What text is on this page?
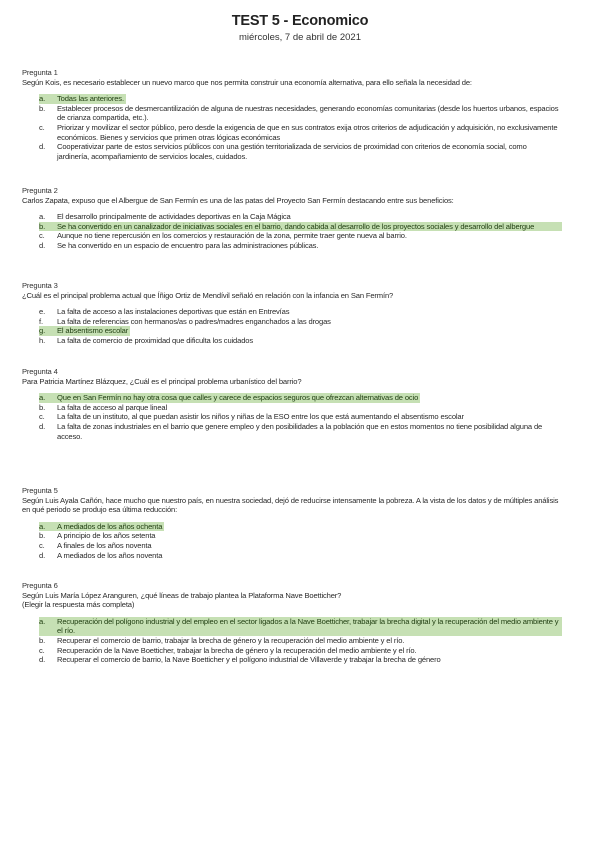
TEST 5 - Economico
miércoles, 7 de abril de 2021
Pregunta 1
Según Kois, es necesario establecer un nuevo marco que nos permita construir una economía alternativa, para ello señala la necesidad de:
a.	Todas las anteriores.
b.	Establecer procesos de desmercantilización de alguna de nuestras necesidades, generando economías comunitarias (desde los huertos urbanos, espacios de crianza compartida, etc.).
c.	Priorizar y movilizar el sector público, pero desde la exigencia de que en sus contratos exija otros criterios de adjudicación y adquisición, no exclusivamente económicos. Bienes y servicios que primen otras lógicas económicas
d.	Cooperativizar parte de estos servicios públicos con una gestión territorializada de servicios de proximidad con criterios de economía social, como jardinería, acompañamiento de servicios locales, cuidados.
Pregunta 2
Carlos Zapata, expuso que el Albergue de San Fermín es una de las patas del Proyecto San Fermín destacando entre sus beneficios:
a.	El desarrollo principalmente de actividades deportivas en la Caja Mágica
b.	Se ha convertido en un canalizador de iniciativas sociales en el barrio, dando cabida al desarrollo de los proyectos sociales y desarrollo del albergue
c.	Aunque no tiene repercusión en los comercios y restauración de la zona, permite traer gente nueva al barrio.
d.	Se ha convertido en un espacio de encuentro para las administraciones públicas.
Pregunta 3
¿Cuál es el principal problema actual que Íñigo Ortiz de Mendívil señaló en relación con la infancia en San Fermín?
e.	La falta de acceso a las instalaciones deportivas que están en Entrevías
f.	La falta de referencias con hermanos/as o padres/madres enganchados a las drogas
g.	El absentismo escolar
h.	La falta de comercio de proximidad que dificulta los cuidados
Pregunta 4
Para Patricia Martínez Blázquez, ¿Cuál es el principal problema urbanístico del barrio?
a.	Que en San Fermín no hay otra cosa que calles y carece de espacios seguros que ofrezcan alternativas de ocio
b.	La falta de acceso al parque lineal
c.	La falta de un instituto, al que puedan asistir los niños y niñas de la ESO entre los que está aumentando el absentismo escolar
d.	La falta de zonas industriales en el barrio que genere empleo y den posibilidades a la población que en estos momentos no tiene posibilidad alguna de acceso.
Pregunta 5
Según Luis Ayala Cañón, hace mucho que nuestro país, en nuestra sociedad, dejó de reducirse intensamente la pobreza. A la vista de los datos y de múltiples análisis en qué periodo se produjo esa última reducción:
a.	A mediados de los años ochenta
b.	A principio de los años setenta
c.	A finales de los años noventa
d.	A mediados de los años noventa
Pregunta 6
Según Luis María López Aranguren, ¿qué líneas de trabajo plantea la Plataforma Nave Boetticher?
(Elegir la respuesta más completa)
a.	Recuperación del polígono industrial y del empleo en el sector ligados a la Nave Boetticher, trabajar la brecha digital y la recuperación del medio ambiente y el río.
b.	Recuperar el comercio de barrio, trabajar la brecha de género y la recuperación del medio ambiente y el río.
c.	Recuperación de la Nave Boetticher, trabajar la brecha de género y la recuperación del medio ambiente y el río.
d.	Recuperar el comercio de barrio, la Nave Boetticher y el polígono industrial de Villaverde y trabajar la brecha de género
